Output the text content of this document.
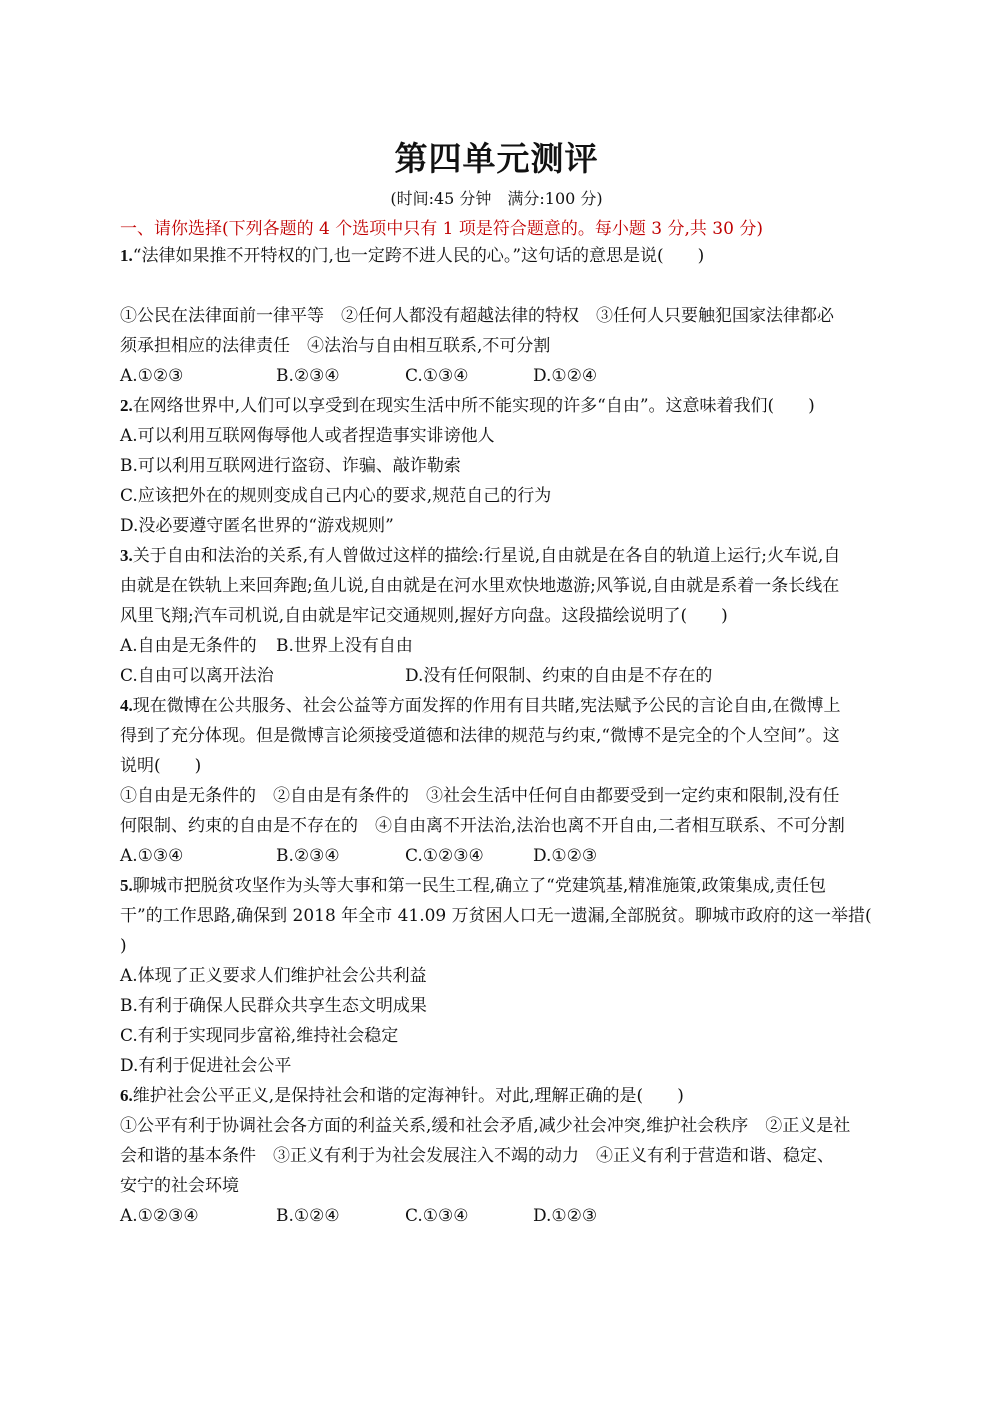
第四单元测评
(时间:45 分钟　满分:100 分)
一、请你选择(下列各题的 4 个选项中只有 1 项是符合题意的。每小题 3 分,共 30 分)
1.“法律如果推不开特权的门,也一定跨不进人民的心。”这句话的意思是说(　　)
①公民在法律面前一律平等　②任何人都没有超越法律的特权　③任何人只要触犯国家法律都必
须承担相应的法律责任　④法治与自由相互联系,不可分割
A.①②③	B.②③④	C.①③④	D.①②④
2.在网络世界中,人们可以享受到在现实生活中所不能实现的许多“自由”。这意味着我们(　　)
A.可以利用互联网侮辱他人或者捏造事实诽谤他人
B.可以利用互联网进行盗窃、诈骗、敲诈勒索
C.应该把外在的规则变成自己内心的要求,规范自己的行为
D.没必要遵守匿名世界的“游戏规则”
3.关于自由和法治的关系,有人曾做过这样的描绘:行星说,自由就是在各自的轨道上运行;火车说,自
由就是在铁轨上来回奔跑;鱼儿说,自由就是在河水里欢快地遨游;风筝说,自由就是系着一条长线在
风里飞翔;汽车司机说,自由就是牢记交通规则,握好方向盘。这段描绘说明了(　　)
A.自由是无条件的 B.世界上没有自由
C.自由可以离开法治	D.没有任何限制、约束的自由是不存在的
4.现在微博在公共服务、社会公益等方面发挥的作用有目共睹,宪法赋予公民的言论自由,在微博上
得到了充分体现。但是微博言论须接受道德和法律的规范与约束,“微博不是完全的个人空间”。这
说明(　　)
①自由是无条件的　②自由是有条件的　③社会生活中任何自由都要受到一定约束和限制,没有任
何限制、约束的自由是不存在的　④自由离不开法治,法治也离不开自由,二者相互联系、不可分割
A.①③④	B.②③④	C.①②③④	D.①②③
5.聊城市把脱贫攻坚作为头等大事和第一民生工程,确立了“党建筑基,精准施策,政策集成,责任包
干”的工作思路,确保到 2018 年全市 41.09 万贫困人口无一遗漏,全部脱贫。聊城市政府的这一举措(
)
A.体现了正义要求人们维护社会公共利益
B.有利于确保人民群众共享生态文明成果
C.有利于实现同步富裕,维持社会稳定
D.有利于促进社会公平
6.维护社会公平正义,是保持社会和谐的定海神针。对此,理解正确的是(　　)
①公平有利于协调社会各方面的利益关系,缓和社会矛盾,减少社会冲突,维护社会秩序　②正义是社
会和谐的基本条件　③正义有利于为社会发展注入不竭的动力　④正义有利于营造和谐、稳定、
安宁的社会环境
A.①②③④	B.①②④	C.①③④	D.①②③
